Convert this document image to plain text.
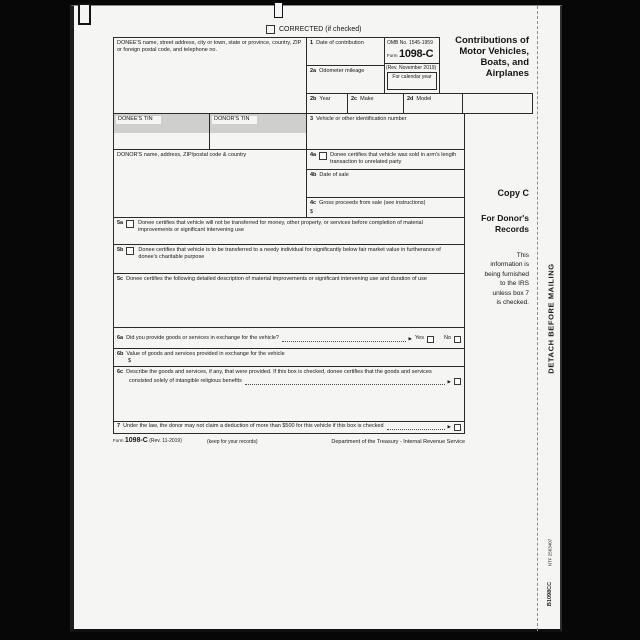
CORRECTED (if checked)
DONEE'S name, street address, city or town, state or province, country, ZIP or foreign postal code, and telephone no.
1 Date of contribution
2a Odometer mileage
OMB No. 1545-1959
Form 1098-C
(Rev. November 2019)
For calendar year
2b Year	2c Make	2d Model
DONEE'S TIN	DONOR'S TIN	3 Vehicle or other identification number
DONOR'S name, address, ZIP/postal code & country	4a	Donee certifies that vehicle was sold in arm's length transaction to unrelated party
4b Date of sale
4c Gross proceeds from sale (see instructions)
$
5a	Donee certifies that vehicle will not be transferred for money, other property, or services before completion of material improvements or significant intervening use
5b	Donee certifies that vehicle is to be transferred to a needy individual for significantly below fair market value in furtherance of donee's charitable purpose
5c Donee certifies the following detailed description of material improvements or significant intervening use and duration of use
6a Did you provide goods or services in exchange for the vehicle?	▶ Yes	No
6b Value of goods and services provided in exchange for the vehicle
$
6c Describe the goods and services, if any, that were provided. If this box is checked, donee certifies that the goods and services
consisted solely of intangible religious benefits	▶
7 Under the law, the donor may not claim a deduction of more than $500 for this vehicle if this box is checked	▶
Contributions of
Motor Vehicles,
Boats, and
Airplanes
Copy C
For Donor's
Records
This
information is
being furnished
to the IRS
unless box 7
is checked.
Form 1098-C (Rev. 11-2019)	(keep for your records)	Department of the Treasury - Internal Revenue Service
DETACH BEFORE MAILING
NTF 2563407
B1098CC
